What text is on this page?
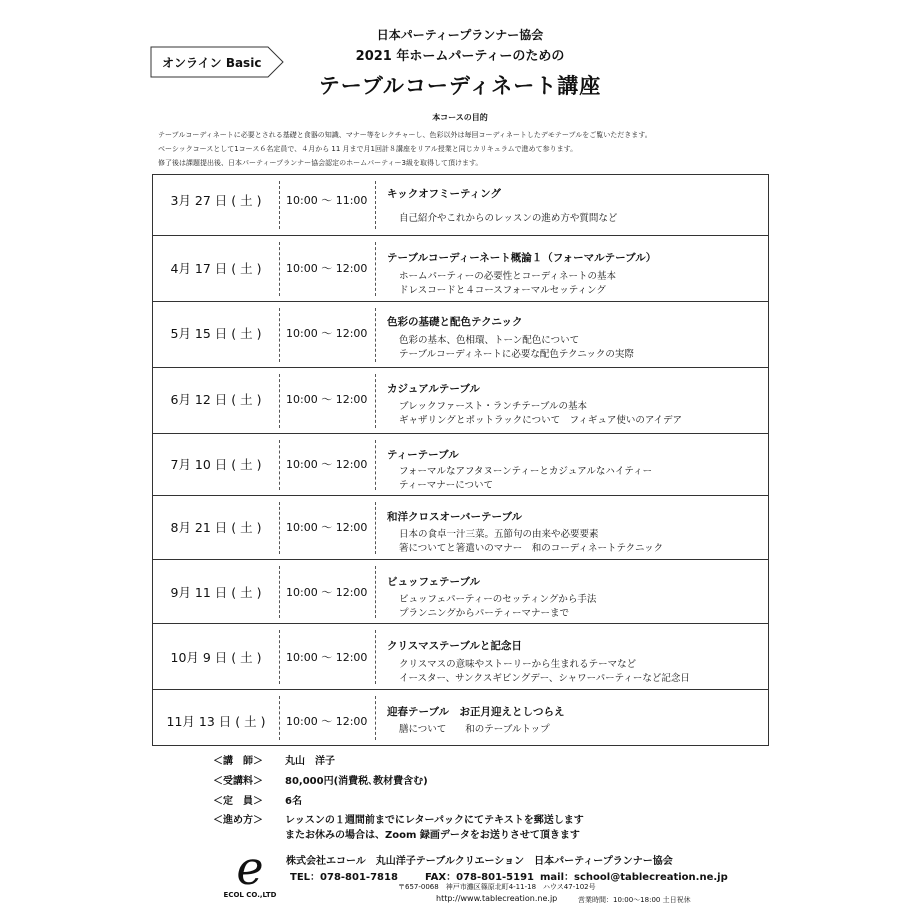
日本パーティープランナー協会
2021 年ホームパーティーのための
テーブルコーディネート講座
オンライン Basic
本コースの目的
テーブルコーディネートに必要とされる基礎と食器の知識、マナー等をレクチャーし、色彩以外は毎回コーディネートしたデモテーブルをご覧いただきます。
ベーシックコースとして1コース６名定員で、４月から 11 月まで月1回計８講座をリアル授業と同じカリキュラムで進めて参ります。
修了後は課題提出後、日本パーティープランナー協会認定のホームパーティー3級を取得して頂けます。
3月 27 日 ( 土 )	10:00 ～ 11:00 キックオフミーティング
自己紹介やこれからのレッスンの進め方や質問など
4月 17 日 ( 土 )	10:00 ～ 12:00
テーブルコーディーネート概論１（フォーマルテーブル）
ホームパーティーの必要性とコーディネートの基本
ドレスコードと４コースフォーマルセッティング
5月 15 日 ( 土 )	10:00 ～ 12:00
色彩の基礎と配色テクニック
色彩の基本、色相環、トーン配色について
テーブルコーディネートに必要な配色テクニックの実際
6月 12 日 ( 土 )	10:00 ～ 12:00
カジュアルテーブル
ブレックファースト・ランチテーブルの基本
ギャザリングとポットラックについて　フィギュア使いのアイデア
7月 10 日 ( 土 )	10:00 ～ 12:00
ティーテーブル
フォーマルなアフタヌーンティーとカジュアルなハイティー
ティーマナーについて
8月 21 日 ( 土 )	10:00 ～ 12:00
和洋クロスオーバーテーブル
日本の食卓一汁三菜。五節句の由来や必要要素
箸についてと箸遣いのマナー　和のコーディネートテクニック
9月 11 日 ( 土 )	10:00 ～ 12:00
ビュッフェテーブル
ビュッフェパーティーのセッティングから手法
プランニングからパーティーマナーまで
10月 9 日 ( 土 )	10:00 ～ 12:00
クリスマステーブルと記念日
クリスマスの意味やストーリーから生まれるテーマなど
イースター、サンクスギビングデー、シャワーパーティーなど記念日
11月 13 日 ( 土 )	10:00 ～ 12:00
迎春テーブル　お正月迎えとしつらえ
膳について　　和のテーブルトップ
＜講　師＞ 丸山　洋子
＜受講料＞ 80,000円(消費税､教材費含む)
＜定　員＞ 6名
＜進め方＞ レッスンの１週間前までにレターパックにてテキストを郵送します
またお休みの場合は、Zoom 録画データをお送りさせて頂きます
e
ECOL CO.,LTD
株式会社エコール　丸山洋子テーブルクリエーション　日本パーティープランナー協会
TEL：078-801-7818	FAX：078-801-5191 mail：school@tablecreation.ne.jp
〒657-0068　神戸市灘区篠原北町4-11-18　ハウス47-102号
http://www.tablecreation.ne.jp	営業時間：10:00～18:00 土日祝休
